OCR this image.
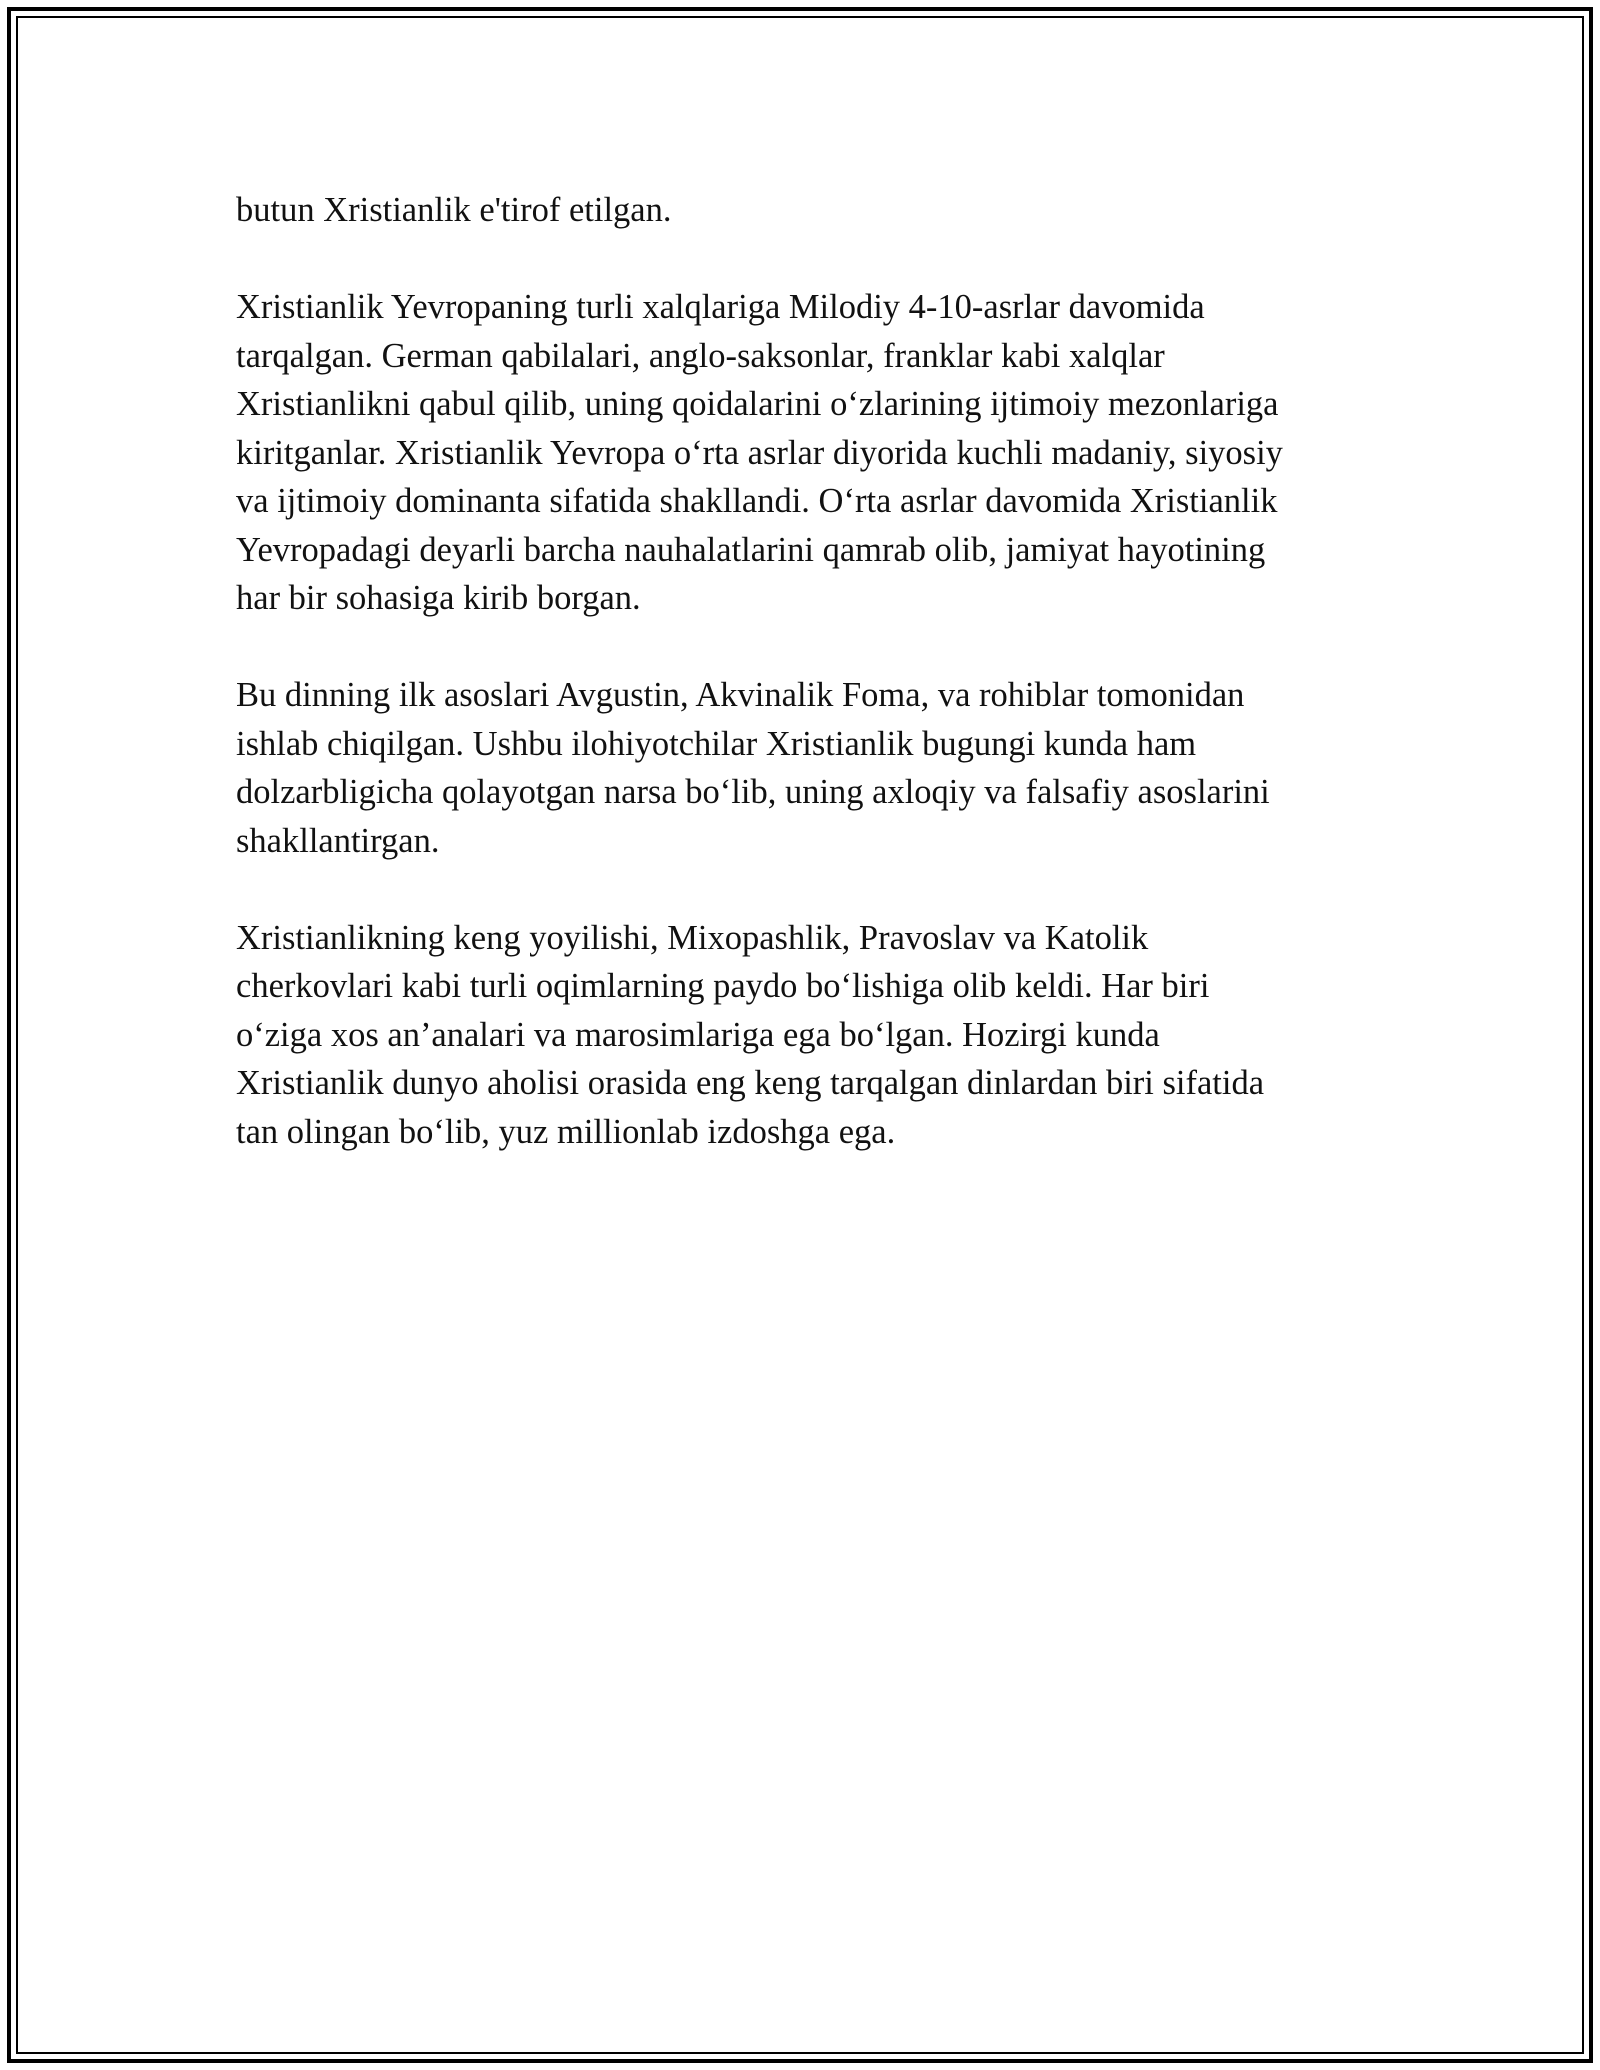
butun Xristianlik e'tirof etilgan.

Xristianlik Yevropaning turli xalqlariga Milodiy 4-10-asrlar davomida
tarqalgan. German qabilalari, anglo-saksonlar, franklar kabi xalqlar
Xristianlikni qabul qilib, uning qoidalarini o‘zlarining ijtimoiy mezonlariga
kiritganlar. Xristianlik Yevropa o‘rta asrlar diyorida kuchli madaniy, siyosiy
va ijtimoiy dominanta sifatida shakllandi. O‘rta asrlar davomida Xristianlik
Yevropadagi deyarli barcha nauhalatlarini qamrab olib, jamiyat hayotining
har bir sohasiga kirib borgan.

Bu dinning ilk asoslari Avgustin, Akvinalik Foma, va rohiblar tomonidan
ishlab chiqilgan. Ushbu ilohiyotchilar Xristianlik bugungi kunda ham
dolzarbligicha qolayotgan narsa bo‘lib, uning axloqiy va falsafiy asoslarini
shakllantirgan.

Xristianlikning keng yoyilishi, Mixopashlik, Pravoslav va Katolik
cherkovlari kabi turli oqimlarning paydo bo‘lishiga olib keldi. Har biri
o‘ziga xos an’analari va marosimlariga ega bo‘lgan. Hozirgi kunda
Xristianlik dunyo aholisi orasida eng keng tarqalgan dinlardan biri sifatida
tan olingan bo‘lib, yuz millionlab izdoshga ega.
